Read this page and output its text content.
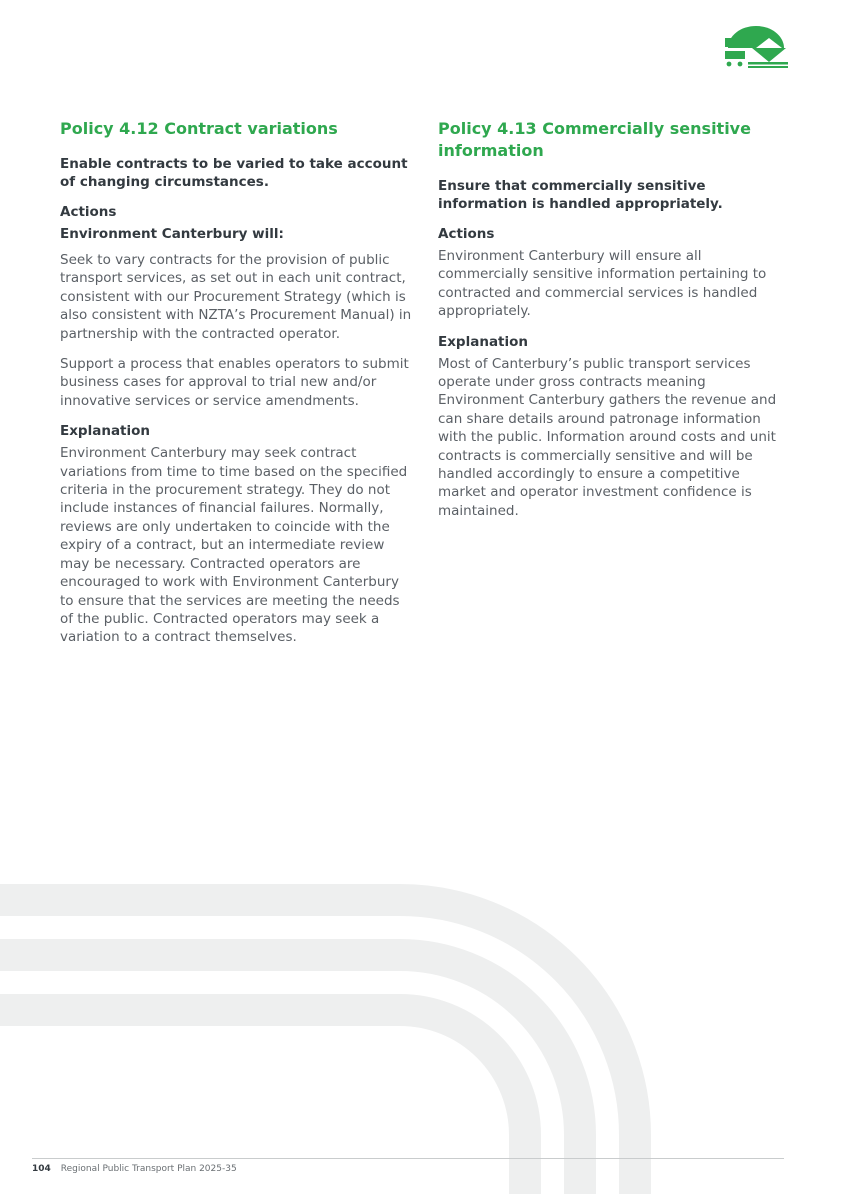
Policy 4.12 Contract variations

Enable contracts to be varied to take account of changing circumstances.

Actions

Environment Canterbury will:

Seek to vary contracts for the provision of public transport services, as set out in each unit contract, consistent with our Procurement Strategy (which is also consistent with NZTA’s Procurement Manual) in partnership with the contracted operator.

Support a process that enables operators to submit business cases for approval to trial new and/or innovative services or service amendments.

Explanation

Environment Canterbury may seek contract variations from time to time based on the specified criteria in the procurement strategy. They do not include instances of financial failures. Normally, reviews are only undertaken to coincide with the expiry of a contract, but an intermediate review may be necessary. Contracted operators are encouraged to work with Environment Canterbury to ensure that the services are meeting the needs of the public. Contracted operators may seek a variation to a contract themselves.

Policy 4.13 Commercially sensitive information

Ensure that commercially sensitive information is handled appropriately.

Actions

Environment Canterbury will ensure all commercially sensitive information pertaining to contracted and commercial services is handled appropriately.

Explanation

Most of Canterbury’s public transport services operate under gross contracts meaning Environment Canterbury gathers the revenue and can share details around patronage information with the public. Information around costs and unit contracts is commercially sensitive and will be handled accordingly to ensure a competitive market and operator investment confidence is maintained.

104 Regional Public Transport Plan 2025-35
